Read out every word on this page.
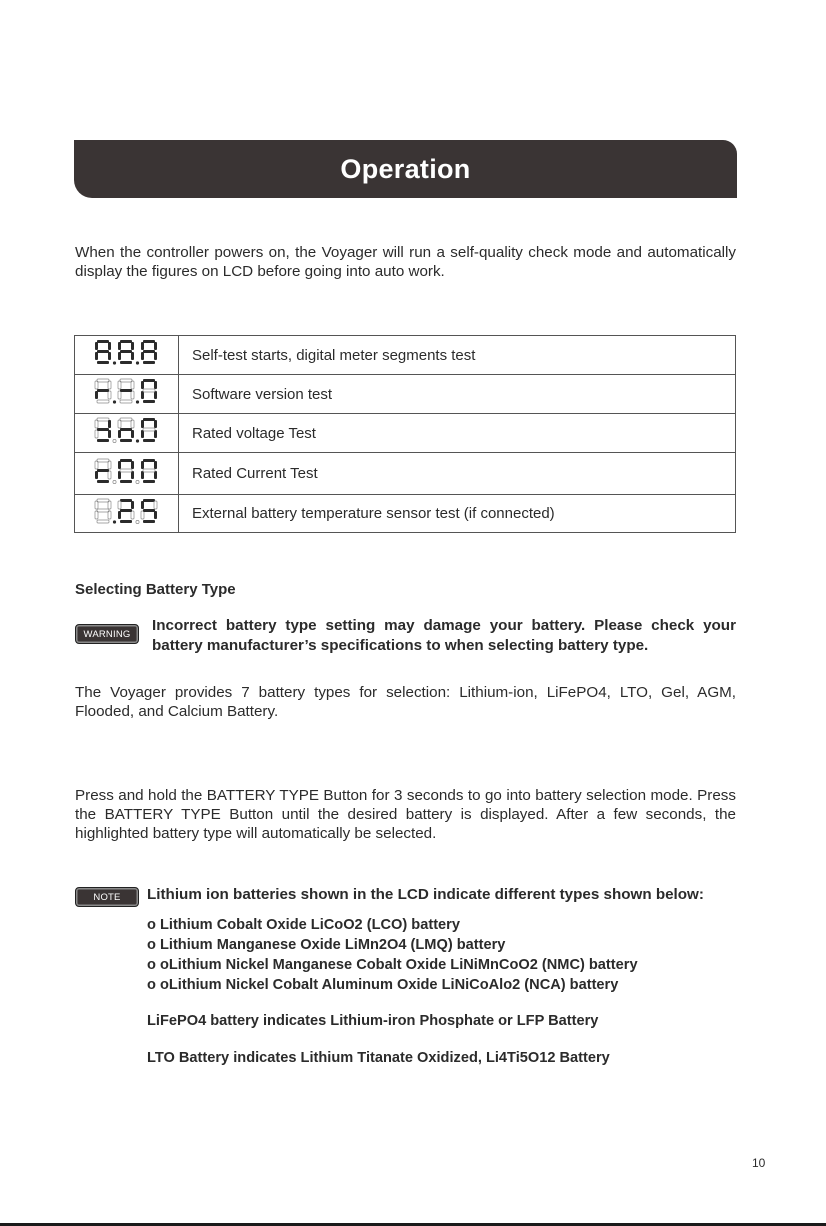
Operation

When the controller powers on, the Voyager will run a self-quality check mode and automatically display the figures on LCD before going into auto work.

	Self-test starts, digital meter segments test
	Software version test
	Rated voltage Test
	Rated Current Test
	External battery temperature sensor test (if connected)
Selecting Battery Type
WARNING	Incorrect battery type setting may damage your battery. Please check your battery manufacturer’s specifications to when selecting battery type.

The Voyager provides 7 battery types for selection: Lithium-ion, LiFePO4, LTO, Gel, AGM, Flooded, and Calcium Battery.

Press and hold the BATTERY TYPE Button for 3 seconds to go into battery selection mode. Press the BATTERY TYPE Button until the desired battery is displayed. After a few seconds, the highlighted battery type will automatically be selected.

NOTE	Lithium ion batteries shown in the LCD indicate different types shown below:
o Lithium Cobalt Oxide LiCoO2 (LCO) battery
o Lithium Manganese Oxide LiMn2O4 (LMQ) battery
o oLithium Nickel Manganese Cobalt Oxide LiNiMnCoO2 (NMC) battery
o oLithium Nickel Cobalt Aluminum Oxide LiNiCoAlo2 (NCA) battery
LiFePO4 battery indicates Lithium-iron Phosphate or LFP Battery
LTO Battery indicates Lithium Titanate Oxidized, Li4Ti5O12 Battery
10
